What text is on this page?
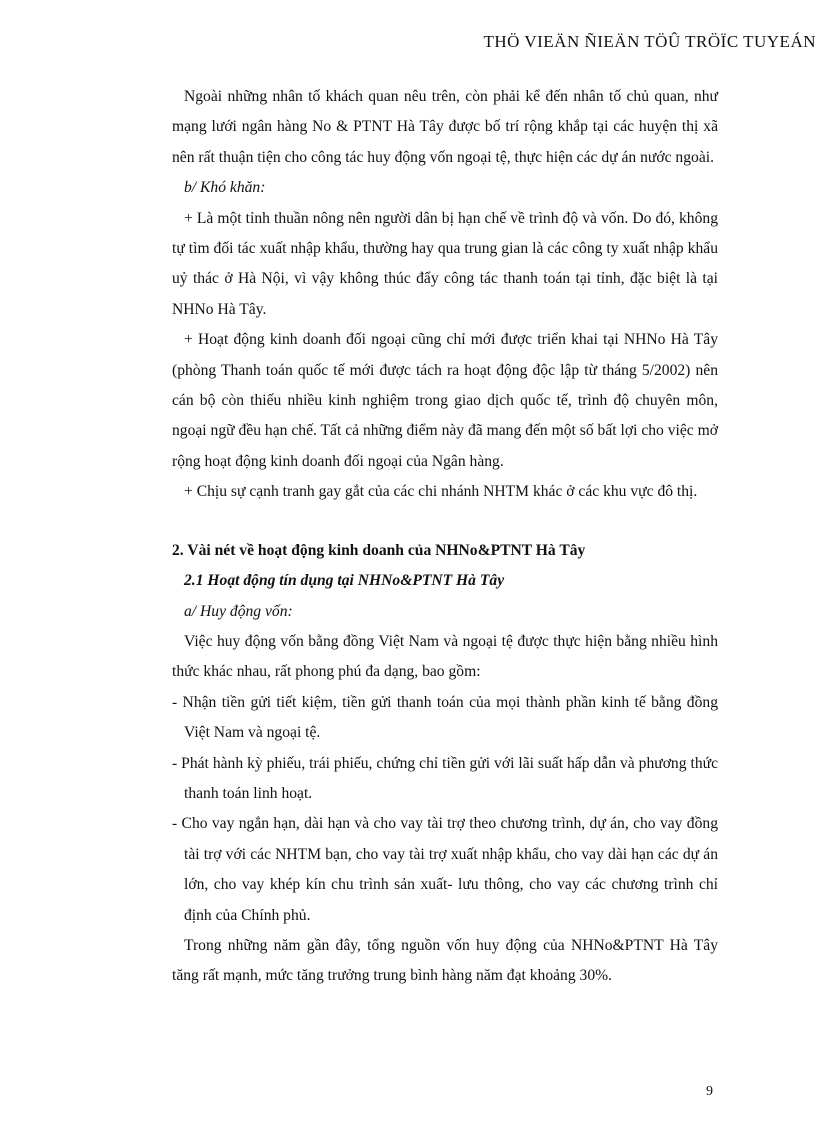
THÖ VIEÄN ÑIEÄN TÖÛ TRÖÏC TUYEÁN

Ngoài những nhân tố khách quan nêu trên, còn phải kể đến nhân tố chủ quan, như mạng lưới ngân hàng No & PTNT Hà Tây được bố trí rộng khắp tại các huyện thị xã nên rất thuận tiện cho công tác huy động vốn ngoại tệ, thực hiện các dự án nước ngoài.

b/ Khó khăn:

+ Là một tỉnh thuần nông nên người dân bị hạn chế về trình độ và vốn. Do đó, không tự tìm đối tác xuất nhập khẩu, thường hay qua trung gian là các công ty xuất nhập khẩu uỷ thác ở Hà Nội, vì vậy không thúc đẩy công tác thanh toán tại tỉnh, đặc biệt là tại NHNo Hà Tây.

+ Hoạt động kinh doanh đối ngoại cũng chỉ mới được triển khai tại NHNo Hà Tây (phòng Thanh toán quốc tế mới được tách ra hoạt động độc lập từ tháng 5/2002) nên cán bộ còn thiếu nhiều kinh nghiệm trong giao dịch quốc tế, trình độ chuyên môn, ngoại ngữ đều hạn chế. Tất cả những điểm này đã mang đến một số bất lợi cho việc mở rộng hoạt động kinh doanh đối ngoại của Ngân hàng.

+ Chịu sự cạnh tranh gay gắt của các chi nhánh NHTM khác ở các khu vực đô thị.

2. Vài nét về hoạt động kinh doanh của NHNo&PTNT Hà Tây

2.1 Hoạt động tín dụng tại NHNo&PTNT Hà Tây

a/ Huy động vốn:

Việc huy động vốn bằng đồng Việt Nam và ngoại tệ được thực hiện bằng nhiều hình thức khác nhau, rất phong phú đa dạng, bao gồm:

- Nhận tiền gửi tiết kiệm, tiền gửi thanh toán của mọi thành phần kinh tế bằng đồng Việt Nam và ngoại tệ.

- Phát hành kỳ phiếu, trái phiếu, chứng chỉ tiền gửi với lãi suất hấp dẫn và phương thức thanh toán linh hoạt.

- Cho vay ngắn hạn, dài hạn và cho vay tài trợ theo chương trình, dự án, cho vay đồng tài trợ với các NHTM bạn, cho vay tài trợ xuất nhập khẩu, cho vay dài hạn các dự án lớn, cho vay khép kín chu trình sản xuất- lưu thông, cho vay các chương trình chỉ định của Chính phủ.

Trong những năm gần đây, tổng nguồn vốn huy động của NHNo&PTNT Hà Tây tăng rất mạnh, mức tăng trưởng trung bình hàng năm đạt khoảng 30%.

9
